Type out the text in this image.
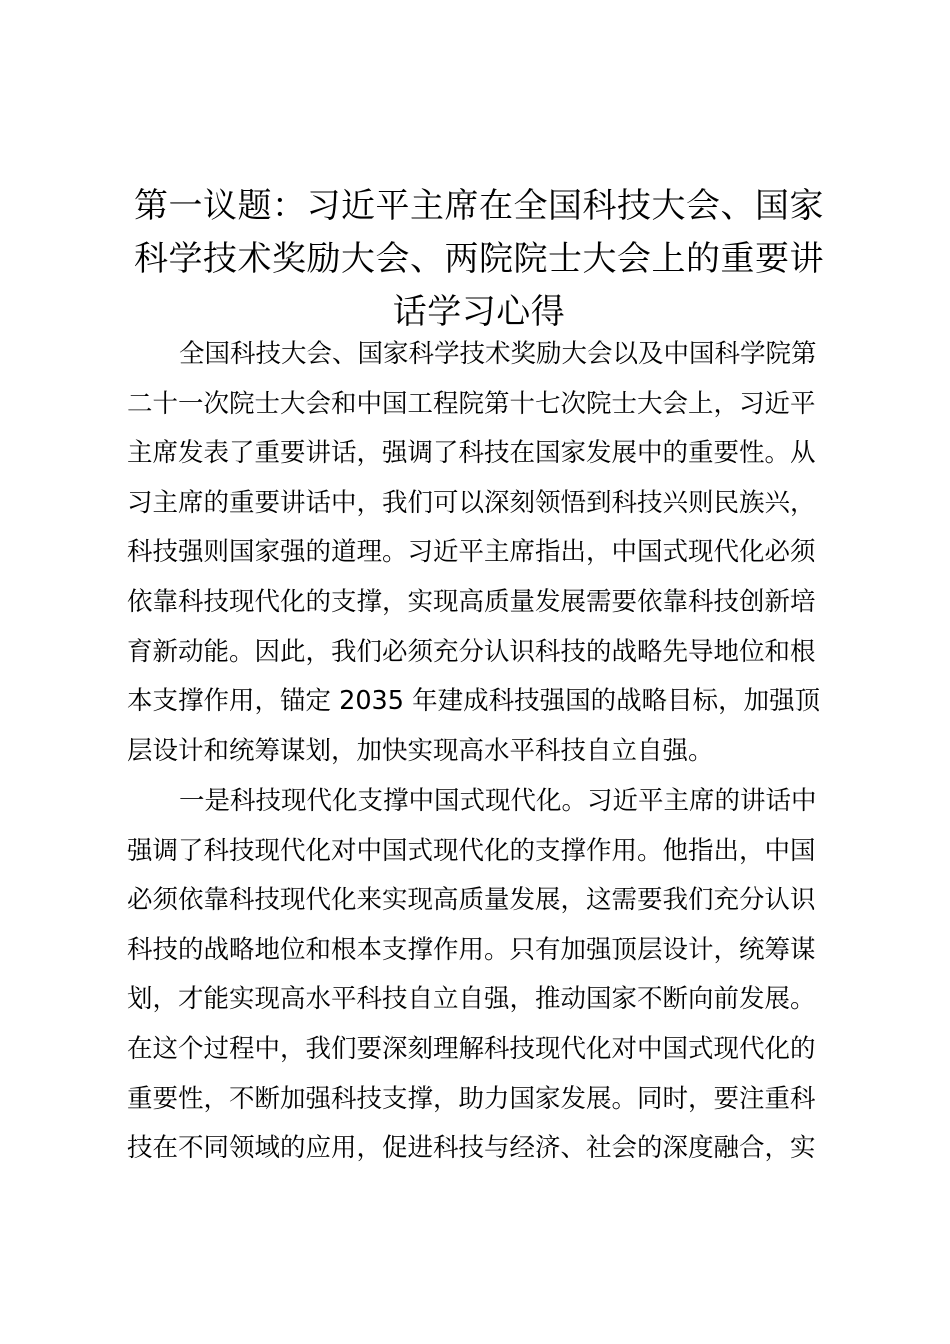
第一议题：习近平主席在全国科技大会、国家
科学技术奖励大会、两院院士大会上的重要讲
话学习心得

全国科技大会、国家科学技术奖励大会以及中国科学院第
二十一次院士大会和中国工程院第十七次院士大会上，习近平
主席发表了重要讲话，强调了科技在国家发展中的重要性。从
习主席的重要讲话中，我们可以深刻领悟到科技兴则民族兴，
科技强则国家强的道理。习近平主席指出，中国式现代化必须
依靠科技现代化的支撑，实现高质量发展需要依靠科技创新培
育新动能。因此，我们必须充分认识科技的战略先导地位和根
本支撑作用，锚定 2035 年建成科技强国的战略目标，加强顶
层设计和统筹谋划，加快实现高水平科技自立自强。

一是科技现代化支撑中国式现代化。习近平主席的讲话中
强调了科技现代化对中国式现代化的支撑作用。他指出，中国
必须依靠科技现代化来实现高质量发展，这需要我们充分认识
科技的战略地位和根本支撑作用。只有加强顶层设计，统筹谋
划，才能实现高水平科技自立自强，推动国家不断向前发展。
在这个过程中，我们要深刻理解科技现代化对中国式现代化的
重要性，不断加强科技支撑，助力国家发展。同时，要注重科
技在不同领域的应用，促进科技与经济、社会的深度融合，实
